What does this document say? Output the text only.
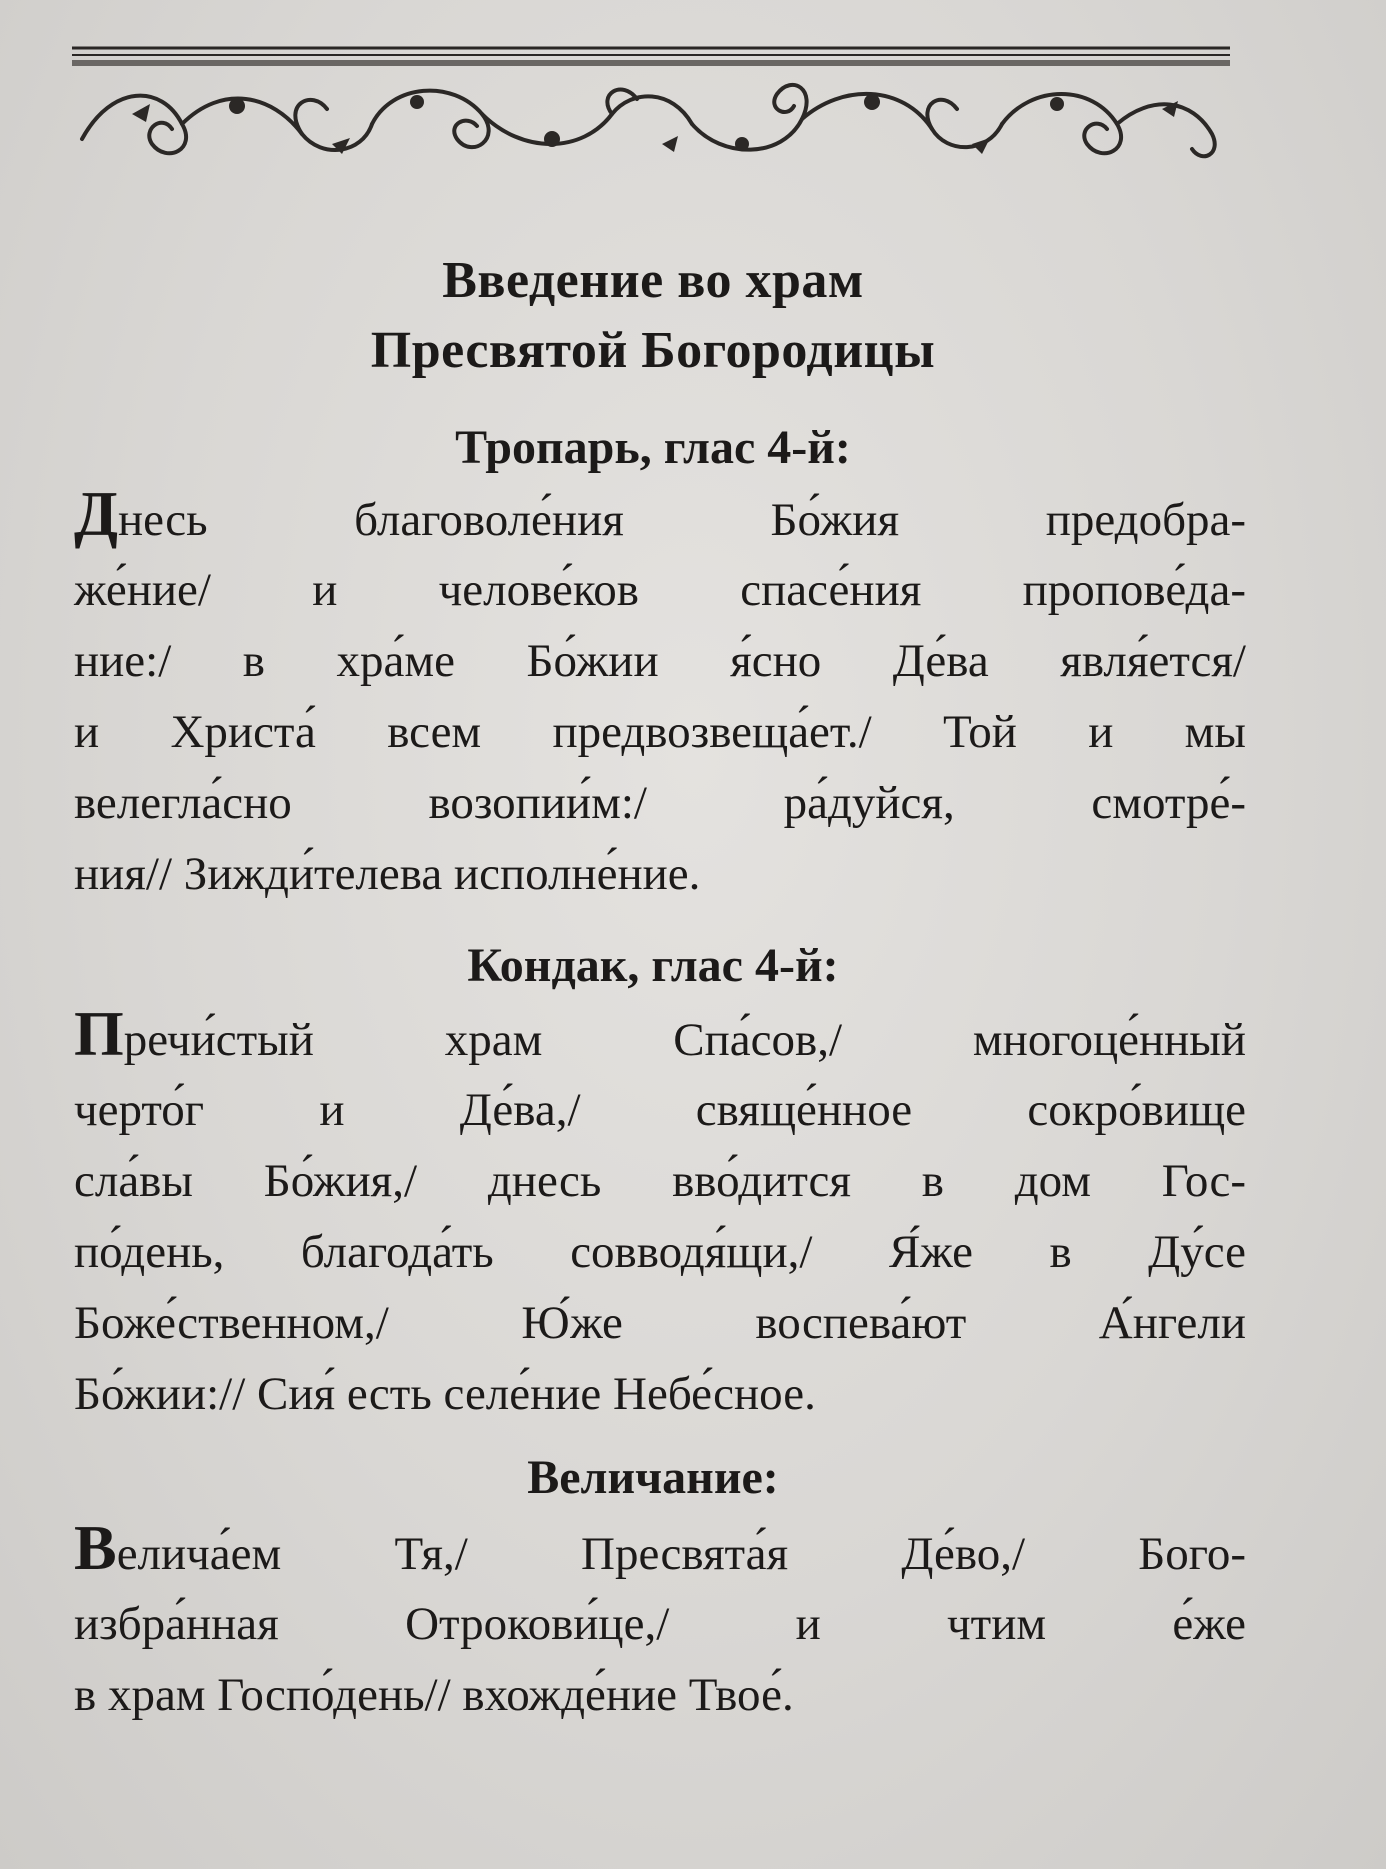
Введение во храм
Пресвятой Богородицы
Тропарь, глас 4-й:
Днесь благоволе́ния Бо́жия предобра-
же́ние/ и челове́ков спасе́ния пропове́да-
ние:/ в хра́ме Бо́жии я́сно Де́ва явля́ется/
и Христа́ всем предвозвеща́ет./ Той и мы
велегла́сно возопии́м:/ ра́дуйся, смотре́-
ния// Зижди́телева исполне́ние.
Кондак, глас 4-й:
Пречи́стый храм Спа́сов,/ многоце́нный
черто́г и Де́ва,/ свяще́нное сокро́вище
сла́вы Бо́жия,/ днесь вво́дится в дом Гос-
по́день, благода́ть совводя́щи,/ Я́же в Ду́се
Боже́ственном,/ Ю́же воспева́ют А́нгели
Бо́жии:// Сия́ есть селе́ние Небе́сное.
Величание:
Велича́ем Тя,/ Пресвята́я Де́во,/ Бого-
избра́нная Отрокови́це,/ и чтим е́же
в храм Госпо́день// вхожде́ние Твое́.
